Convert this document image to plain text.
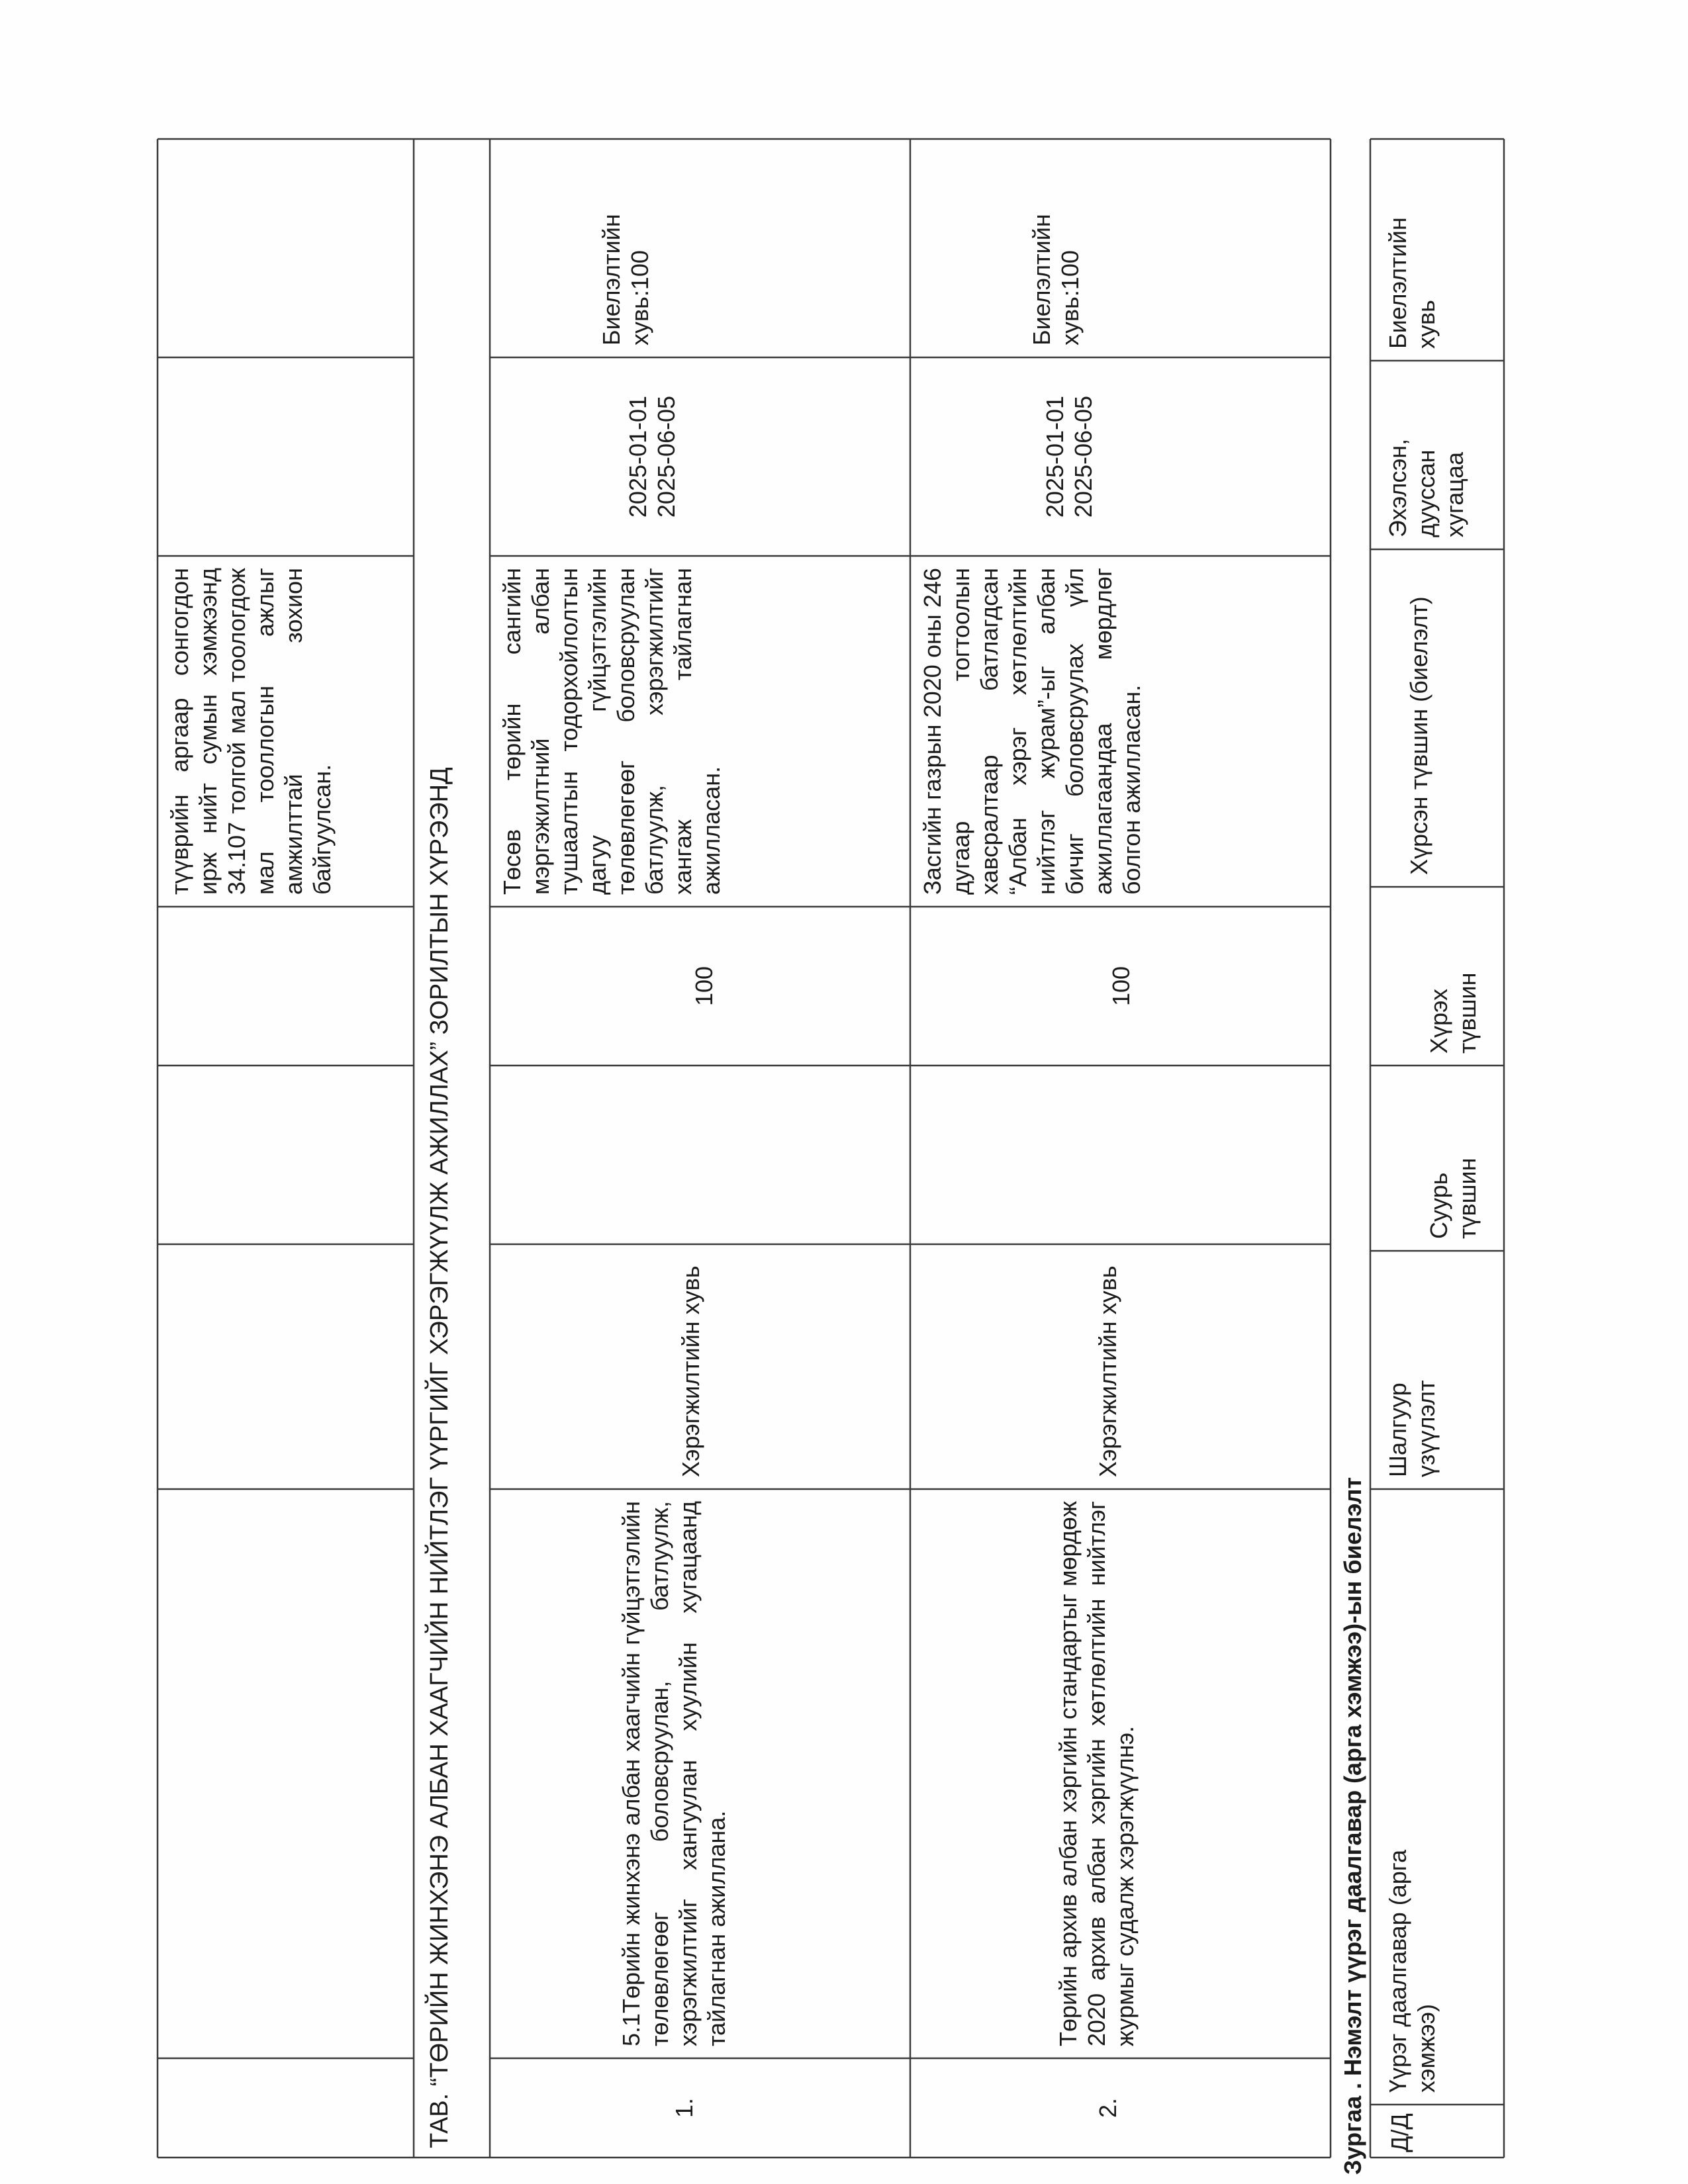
түүврийн аргаар сонгогдон ирж нийт сумын хэмжээнд 34.107 толгой мал тоологдож мал тооллогын ажлыг амжилттай зохион байгуулсан.	ТАВ. “ТӨРИЙН ЖИНХЭНЭ АЛБАН ХААГЧИЙН НИЙТЛЭГ ҮҮРГИЙГ ХЭРЭГЖҮҮЛЖ АЖИЛЛАХ” ЗОРИЛТЫН ХҮРЭЭНД	1.
5.1Төрийн жинхэнэ албан хаагчийн гүйцэтгэлийн төлөвлөгөөг боловсруулан, батлуулж, хэрэгжилтийг хангуулан хуулийн хугацаанд тайлагнан ажиллана.
Хэрэгжилтийн хувь
100
Төсөв төрийн сангийн мэргэжилтний албан тушаалтын тодорхойлолтын дагуу гүйцэтгэлийн төлөвлөгөөг боловсруулан батлуулж, хэрэгжилтийг хангаж тайлагнан ажилласан.
2025-01-01
2025-06-05
Биелэлтийн хувь:100
2.
Төрийн архив албан хэргийн стандартыг мөрдөж 2020 архив албан хэргийн хөтлөлтийн нийтлэг журмыг судалж хэрэгжүүлнэ.
Хэрэгжилтийн хувь
100
Засгийн газрын 2020 оны 246 дугаар тогтоолын хавсралтаар батлагдсан “Албан хэрэг хөтлөлтийн нийтлэг журам”-ыг албан бичиг боловсруулах үйл ажиллагаандаа мөрдлөг болгон ажилласан.
2025-01-01
2025-06-05
Биелэлтийн хувь:100
Зургаа . Нэмэлт үүрэг даалгавар (арга хэмжээ)-ын биелэлт Д/Д
Үүрэг даалгавар (арга хэмжээ)
Шалгуур үзүүлэлт
Суурь түвшин
Хүрэх түвшин
Хүрсэн түвшин (биелэлт)
Эхэлсэн, дууссан хугацаа
Биелэлтийн хувь
